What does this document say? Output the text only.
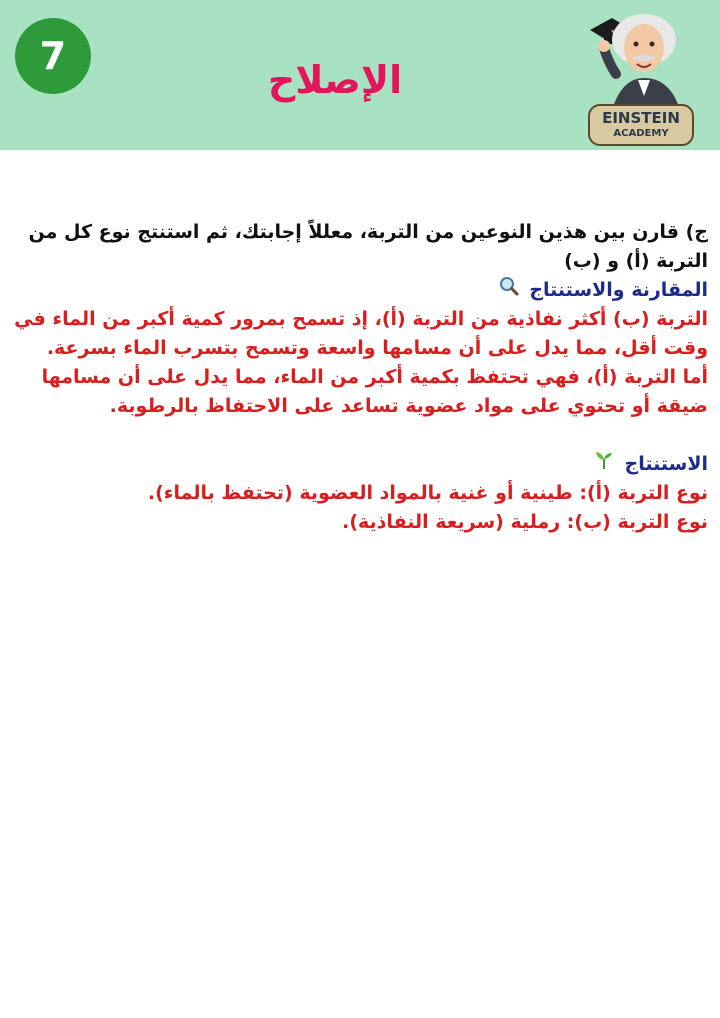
7
الإصلاح
EINSTEIN
ACADEMY
ج) قارن بين هذين النوعين من التربة، معللاً إجابتك، ثم استنتج نوع كل من
التربة (أ) و (ب)
المقارنة والاستنتاج
التربة (ب) أكثر نفاذية من التربة (أ)، إذ تسمح بمرور كمية أكبر من الماء في
وقت أقل، مما يدل على أن مسامها واسعة وتسمح بتسرب الماء بسرعة.
أما التربة (أ)، فهي تحتفظ بكمية أكبر من الماء، مما يدل على أن مسامها
ضيقة أو تحتوي على مواد عضوية تساعد على الاحتفاظ بالرطوبة.
الاستنتاج
نوع التربة (أ): طينية أو غنية بالمواد العضوية (تحتفظ بالماء).
نوع التربة (ب): رملية (سريعة النفاذية).
